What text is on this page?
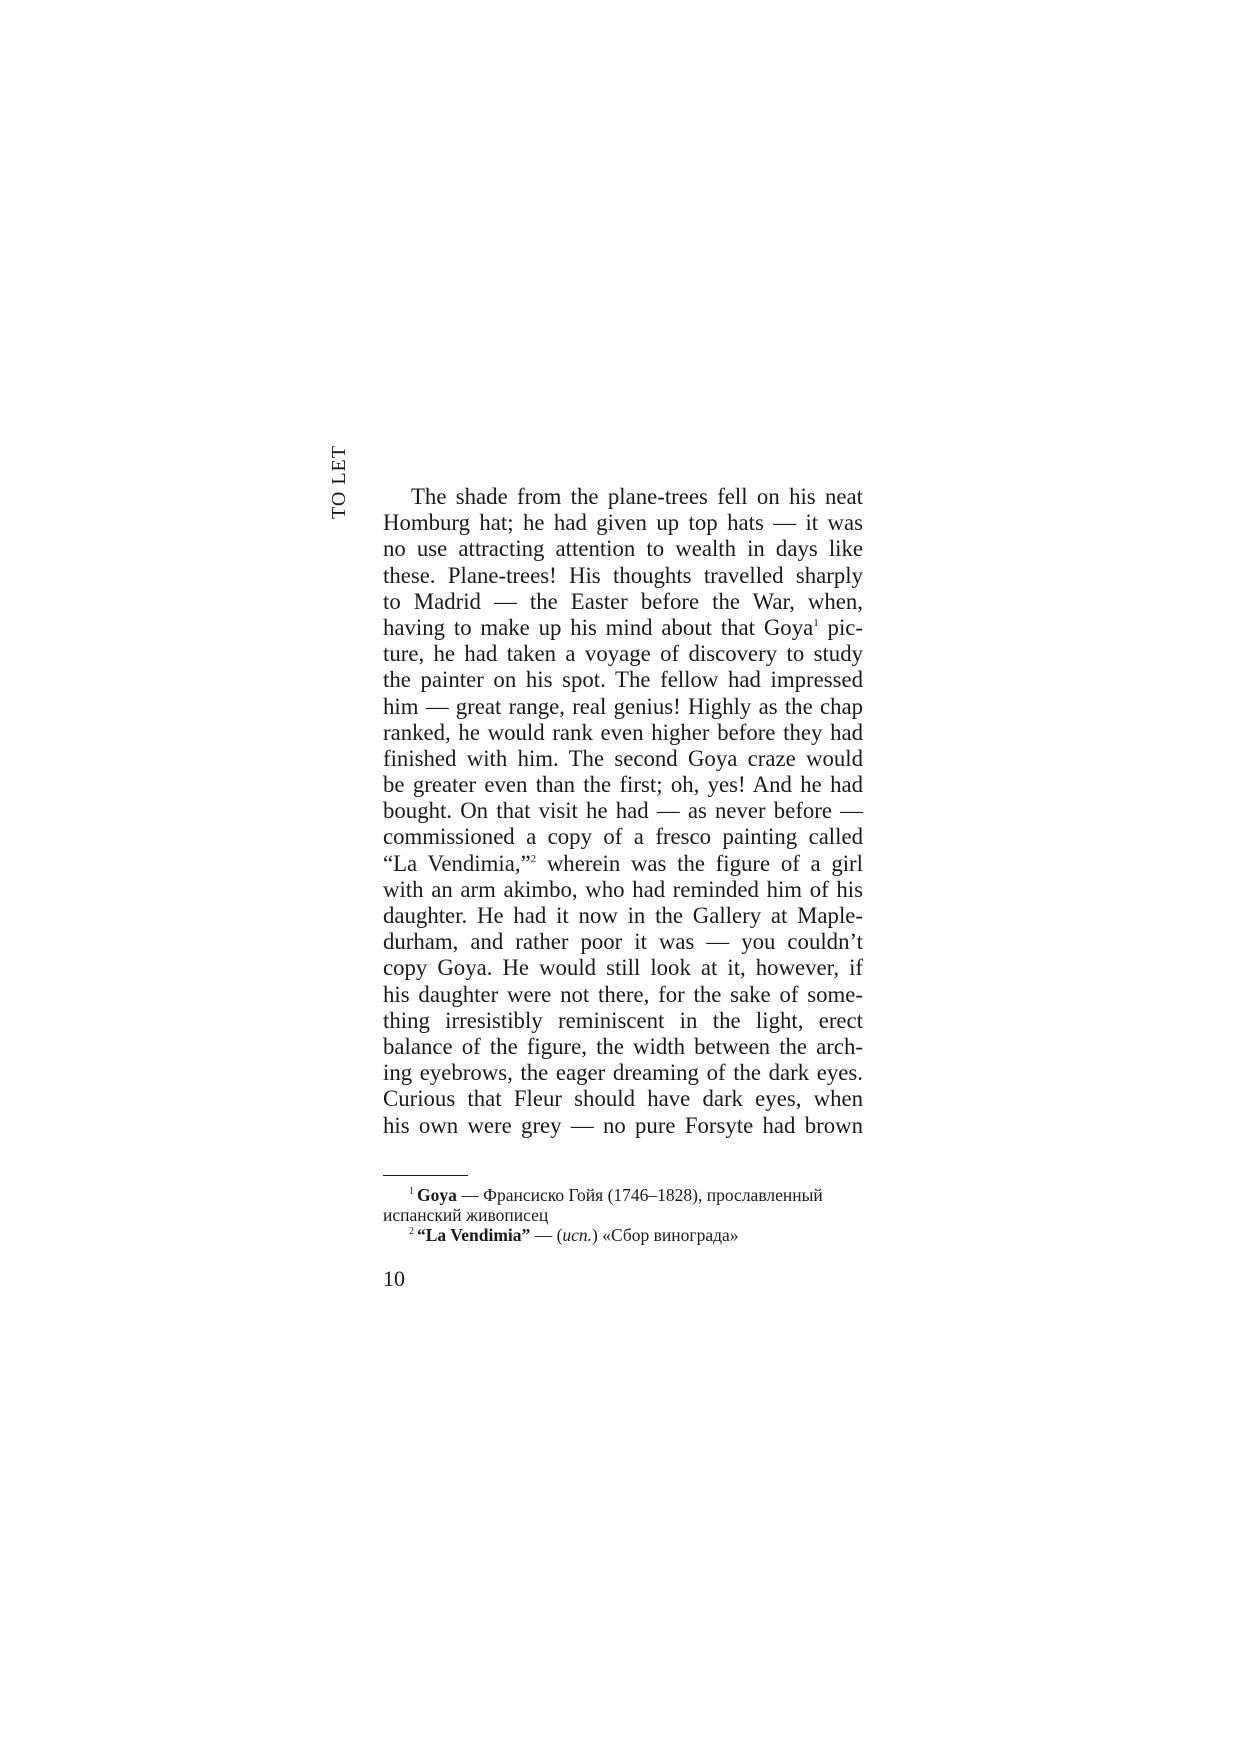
TO LET	The shade from the plane-trees fell on his neat
Homburg hat; he had given up top hats — it was
no use attracting attention to wealth in days like
these. Plane-trees! His thoughts travelled sharply
to Madrid — the Easter before the War, when,
having to make up his mind about that Goya$^1$ pic-
ture, he had taken a voyage of discovery to study
the painter on his spot. The fellow had impressed
him — great range, real genius! Highly as the chap
ranked, he would rank even higher before they had
finished with him. The second Goya craze would
be greater even than the first; oh, yes! And he had
bought. On that visit he had — as never before —
commissioned a copy of a fresco painting called
“La Vendimia,”$^2$ wherein was the figure of a girl
with an arm akimbo, who had reminded him of his
daughter. He had it now in the Gallery at Maple-
durham, and rather poor it was — you couldn’t
copy Goya. He would still look at it, however, if
his daughter were not there, for the sake of some-
thing irresistibly reminiscent in the light, erect
balance of the figure, the width between the arch-
ing eyebrows, the eager dreaming of the dark eyes.
Curious that Fleur should have dark eyes, when
his own were grey — no pure Forsyte had brown
$^1$ Goya — Франсиско Гойя (1746–1828), прославленный
испанский живописец
$^2$ “La Vendimia” — (исп.) «Сбор винограда»
10
